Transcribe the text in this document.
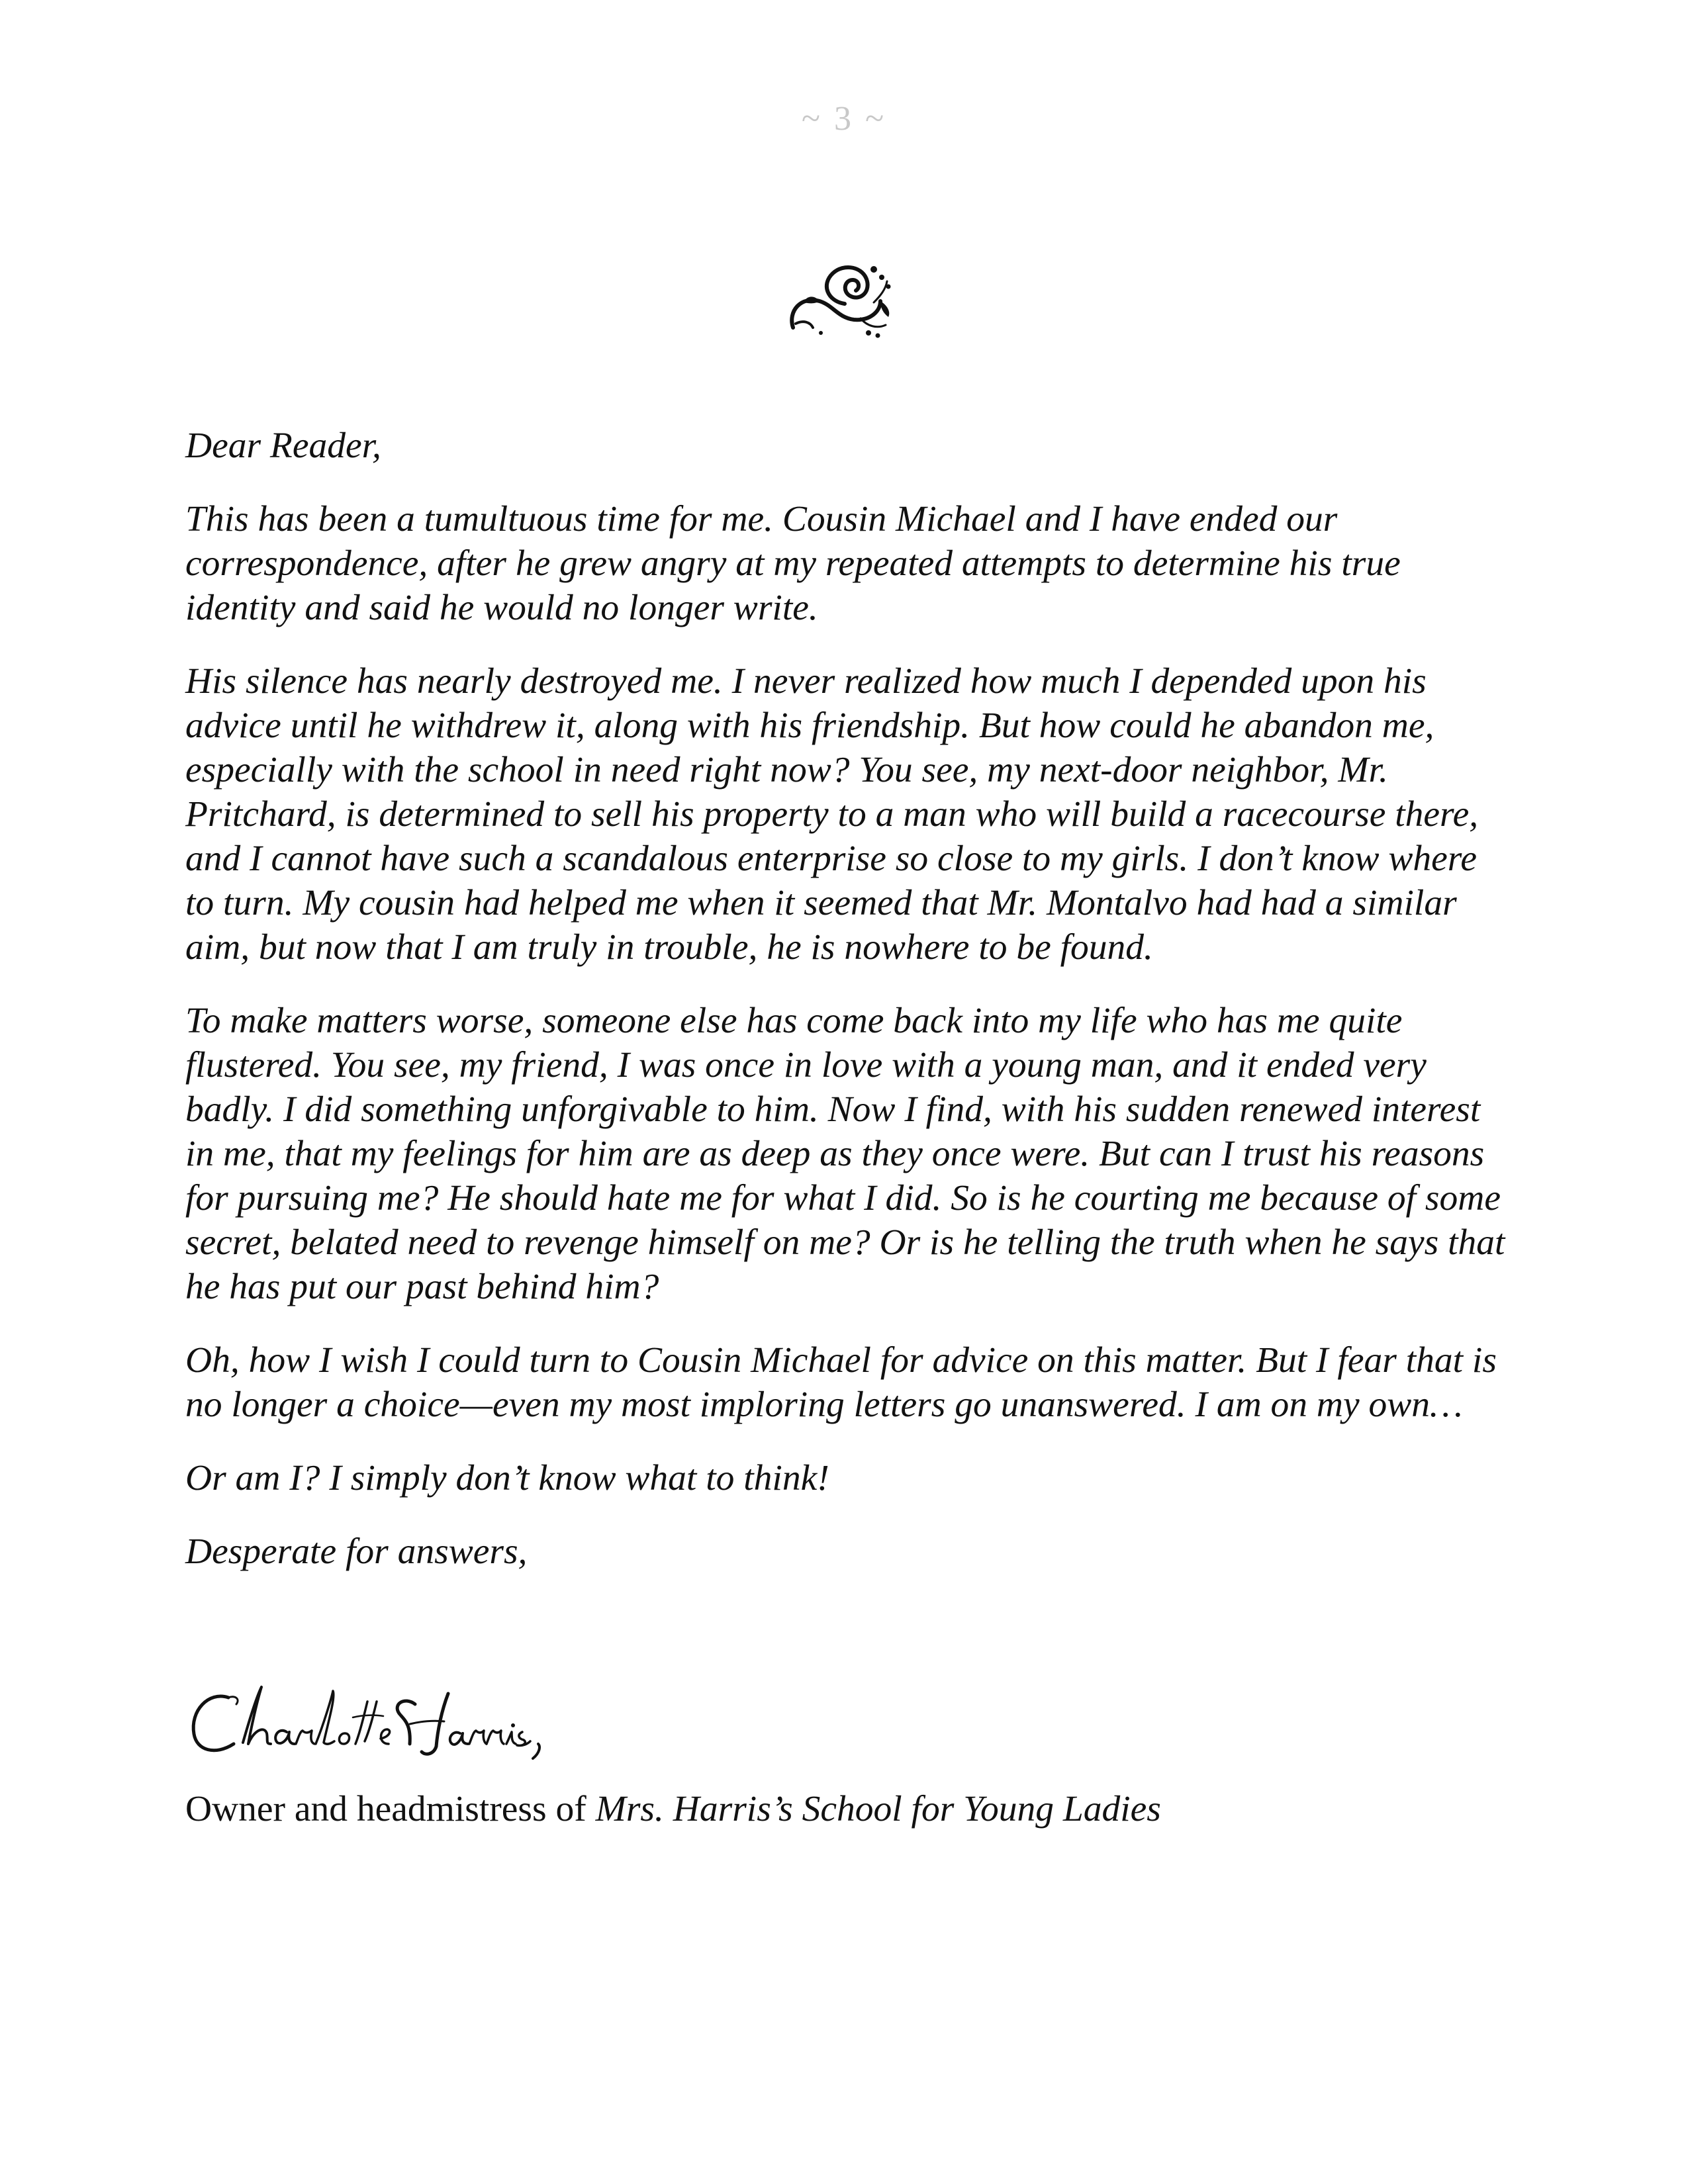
~ 3 ~

Dear Reader,

This has been a tumultuous time for me. Cousin Michael and I have ended our correspondence, after he grew angry at my repeated attempts to determine his true identity and said he would no longer write.

His silence has nearly destroyed me. I never realized how much I depended upon his advice until he withdrew it, along with his friendship. But how could he abandon me, especially with the school in need right now? You see, my next-door neighbor, Mr. Pritchard, is determined to sell his property to a man who will build a racecourse there, and I cannot have such a scandalous enterprise so close to my girls. I don’t know where to turn. My cousin had helped me when it seemed that Mr. Montalvo had had a similar aim, but now that I am truly in trouble, he is nowhere to be found.

To make matters worse, someone else has come back into my life who has me quite flustered. You see, my friend, I was once in love with a young man, and it ended very badly. I did something unforgivable to him. Now I find, with his sudden renewed interest in me, that my feelings for him are as deep as they once were. But can I trust his reasons for pursuing me? He should hate me for what I did. So is he courting me because of some secret, belated need to revenge himself on me? Or is he telling the truth when he says that he has put our past behind him?

Oh, how I wish I could turn to Cousin Michael for advice on this matter. But I fear that is no longer a choice—even my most imploring letters go unanswered. I am on my own…

Or am I? I simply don’t know what to think!

Desperate for answers,

Owner and headmistress of Mrs. Harris’s School for Young Ladies
